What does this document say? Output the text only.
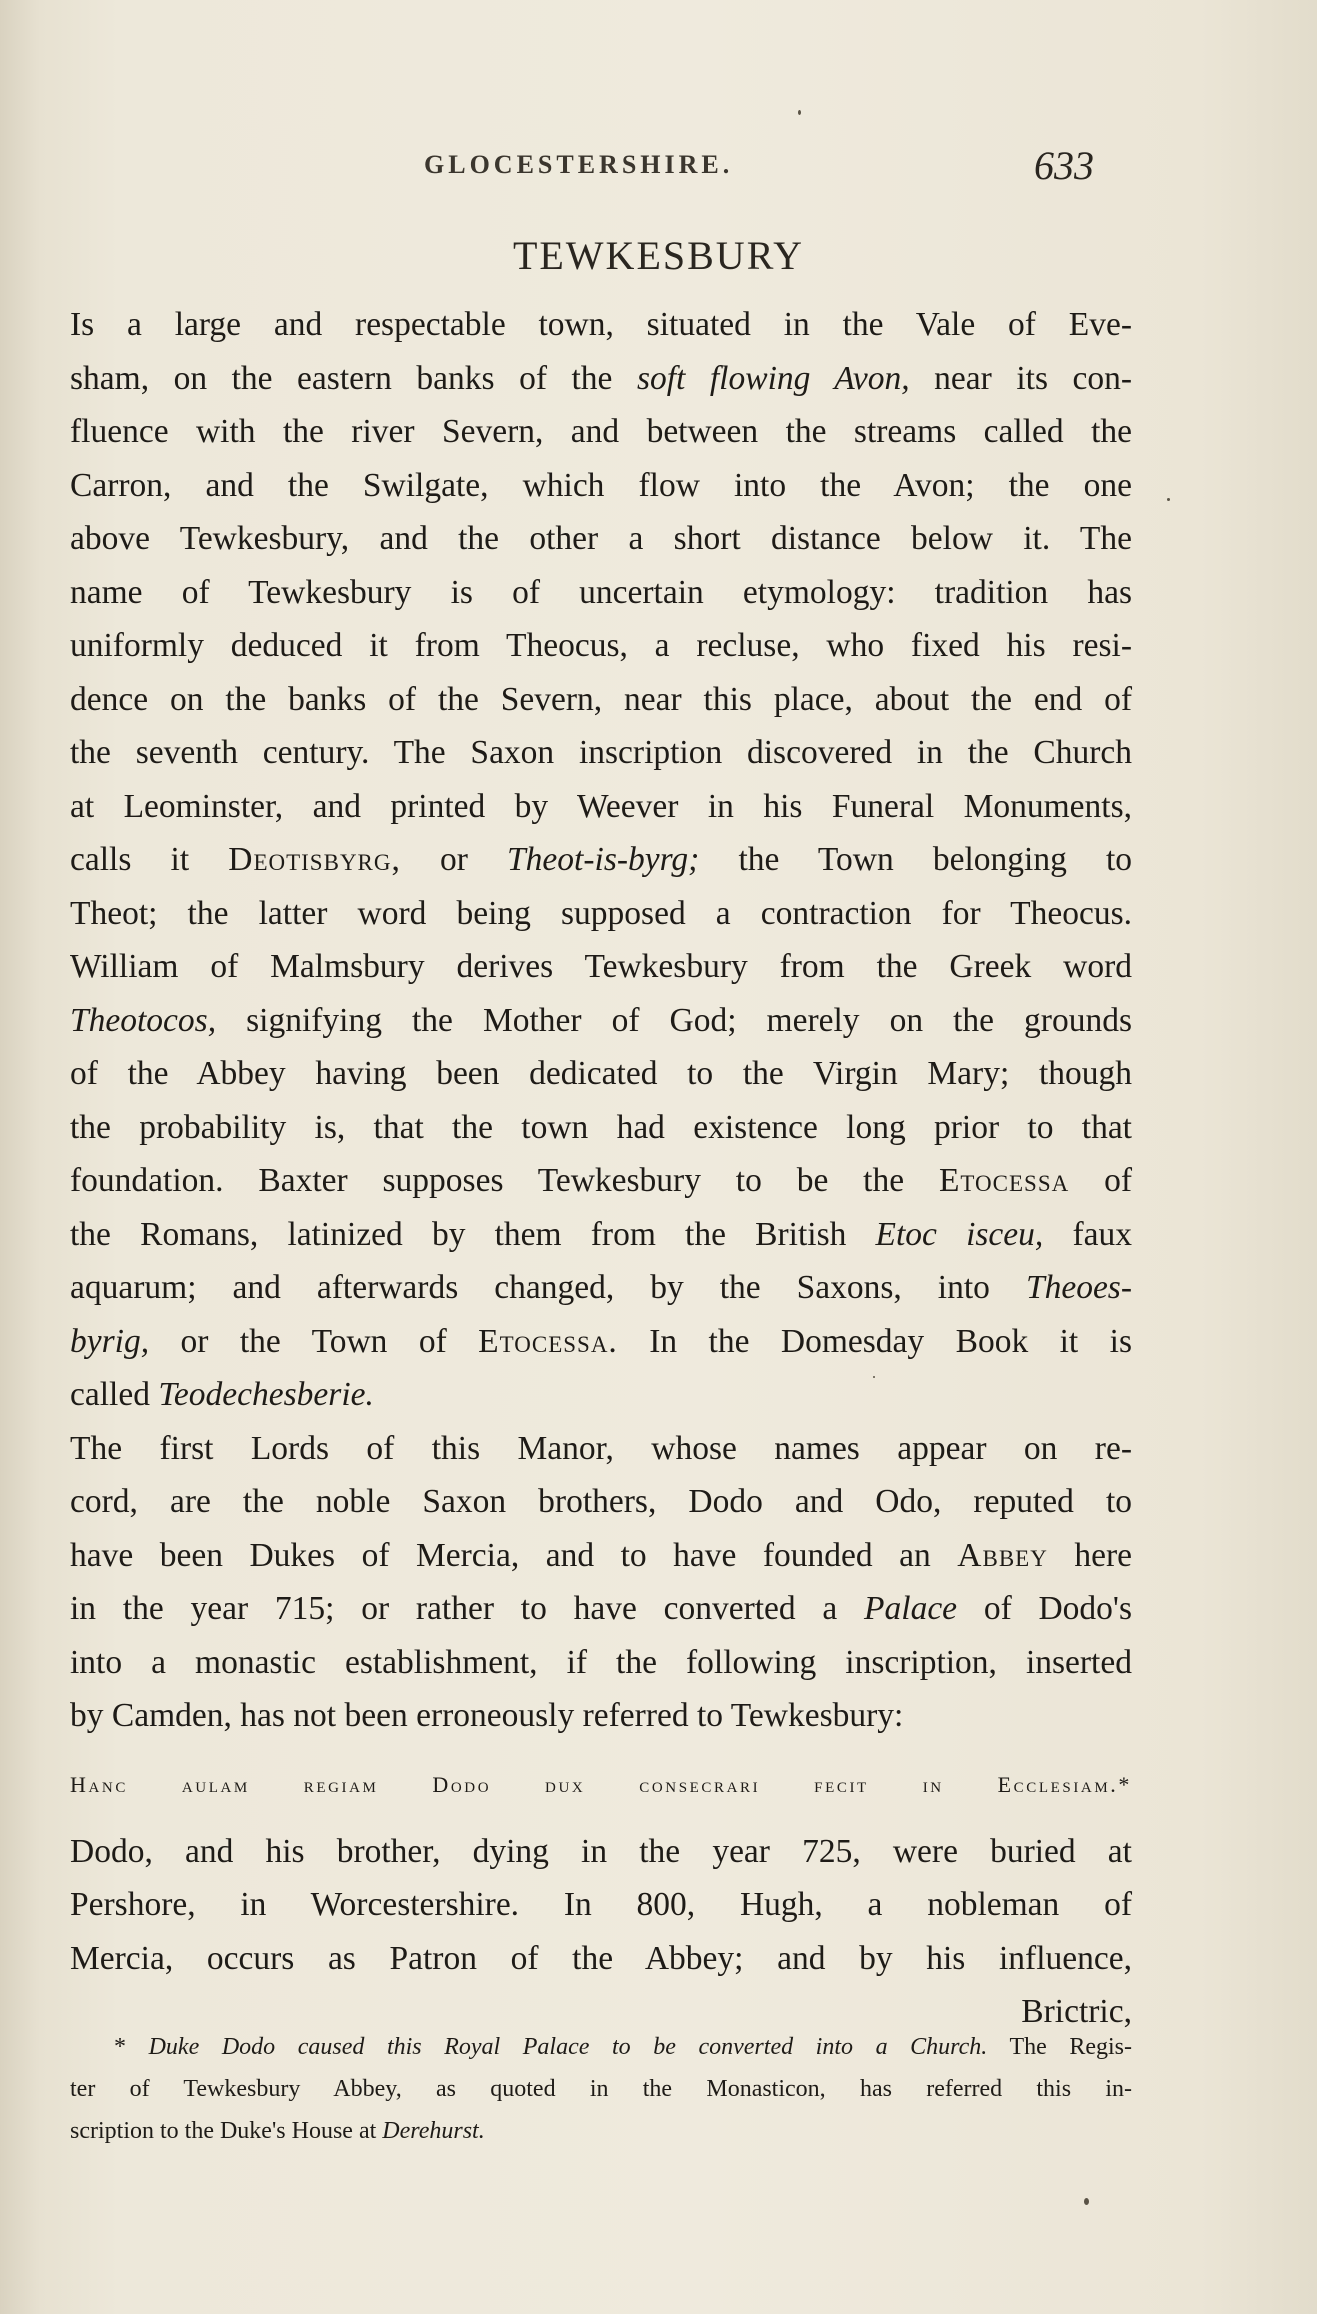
GLOCESTERSHIRE.	633
TEWKESBURY
Is a large and respectable town, situated in the Vale of Eve-
sham, on the eastern banks of the soft flowing Avon, near its con-
fluence with the river Severn, and between the streams called the
Carron, and the Swilgate, which flow into the Avon; the one
above Tewkesbury, and the other a short distance below it. The
name of Tewkesbury is of uncertain etymology: tradition has
uniformly deduced it from Theocus, a recluse, who fixed his resi-
dence on the banks of the Severn, near this place, about the end of
the seventh century. The Saxon inscription discovered in the Church
at Leominster, and printed by Weever in his Funeral Monuments,
calls it Deotisbyrg, or Theot-is-byrg; the Town belonging to
Theot; the latter word being supposed a contraction for Theocus.
William of Malmsbury derives Tewkesbury from the Greek word
Theotocos, signifying the Mother of God; merely on the grounds
of the Abbey having been dedicated to the Virgin Mary; though
the probability is, that the town had existence long prior to that
foundation. Baxter supposes Tewkesbury to be the Etocessa of
the Romans, latinized by them from the British Etoc isceu, faux
aquarum; and afterwards changed, by the Saxons, into Theoes-
byrig, or the Town of Etocessa. In the Domesday Book it is
called Teodechesberie.
The first Lords of this Manor, whose names appear on re-
cord, are the noble Saxon brothers, Dodo and Odo, reputed to
have been Dukes of Mercia, and to have founded an Abbey here
in the year 715; or rather to have converted a Palace of Dodo's
into a monastic establishment, if the following inscription, inserted
by Camden, has not been erroneously referred to Tewkesbury:
Hanc aulam regiam Dodo dux consecrari fecit in Ecclesiam.*
Dodo, and his brother, dying in the year 725, were buried at
Pershore, in Worcestershire. In 800, Hugh, a nobleman of
Mercia, occurs as Patron of the Abbey; and by his influence,
Brictric,
* Duke Dodo caused this Royal Palace to be converted into a Church. The Regis-
ter of Tewkesbury Abbey, as quoted in the Monasticon, has referred this in-
scription to the Duke's House at Derehurst.
